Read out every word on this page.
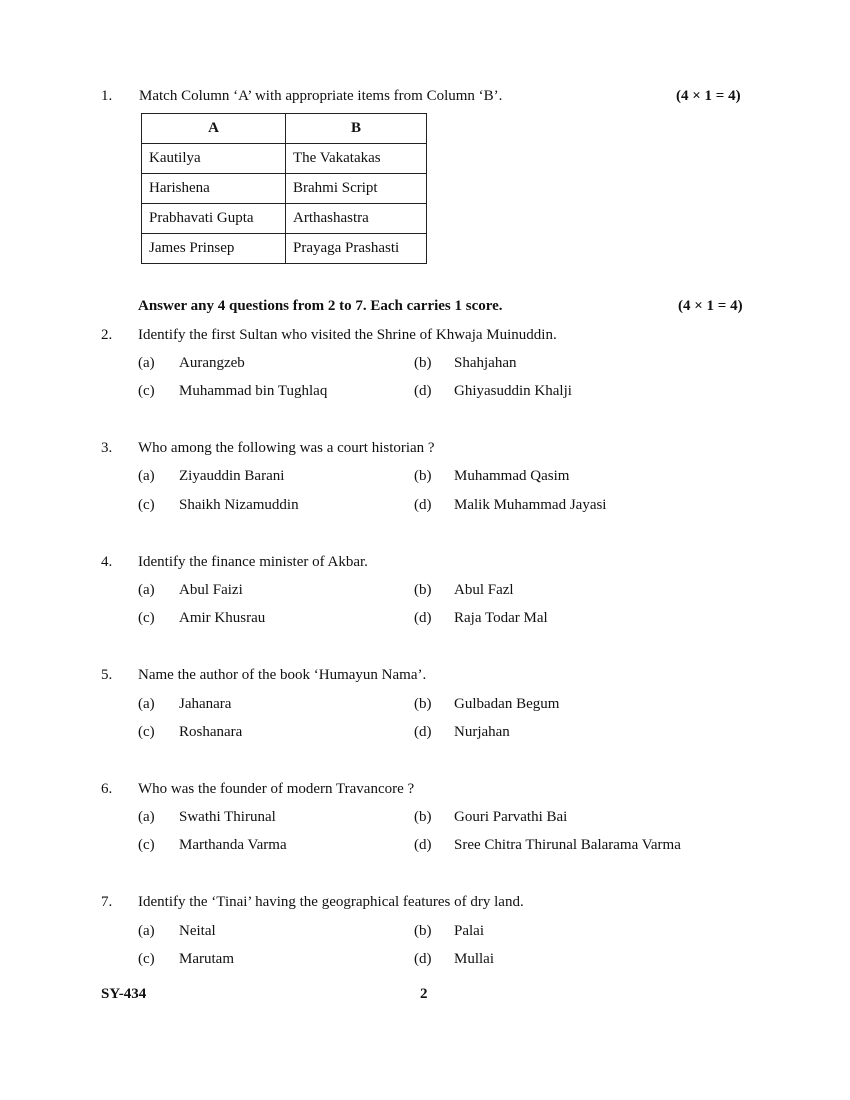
1. Match Column ‘A’ with appropriate items from Column ‘B’.	(4 × 1 = 4)
A	B
Kautilya	The Vakatakas
Harishena	Brahmi Script
Prabhavati Gupta	Arthashastra
James Prinsep	Prayaga Prashasti
Answer any 4 questions from 2 to 7. Each carries 1 score.	(4 × 1 = 4)
2. Identify the first Sultan who visited the Shrine of Khwaja Muinuddin.
(a) Aurangzeb	(b) Shahjahan
(c) Muhammad bin Tughlaq	(d) Ghiyasuddin Khalji
3. Who among the following was a court historian ?
(a) Ziyauddin Barani	(b) Muhammad Qasim
(c) Shaikh Nizamuddin	(d) Malik Muhammad Jayasi
4. Identify the finance minister of Akbar.
(a) Abul Faizi	(b) Abul Fazl
(c) Amir Khusrau	(d) Raja Todar Mal
5. Name the author of the book ‘Humayun Nama’.
(a) Jahanara	(b) Gulbadan Begum
(c) Roshanara	(d) Nurjahan
6. Who was the founder of modern Travancore ?
(a) Swathi Thirunal	(b) Gouri Parvathi Bai
(c) Marthanda Varma	(d) Sree Chitra Thirunal Balarama Varma
7. Identify the ‘Tinai’ having the geographical features of dry land.
(a) Neital	(b) Palai
(c) Marutam	(d) Mullai
SY-434	2
